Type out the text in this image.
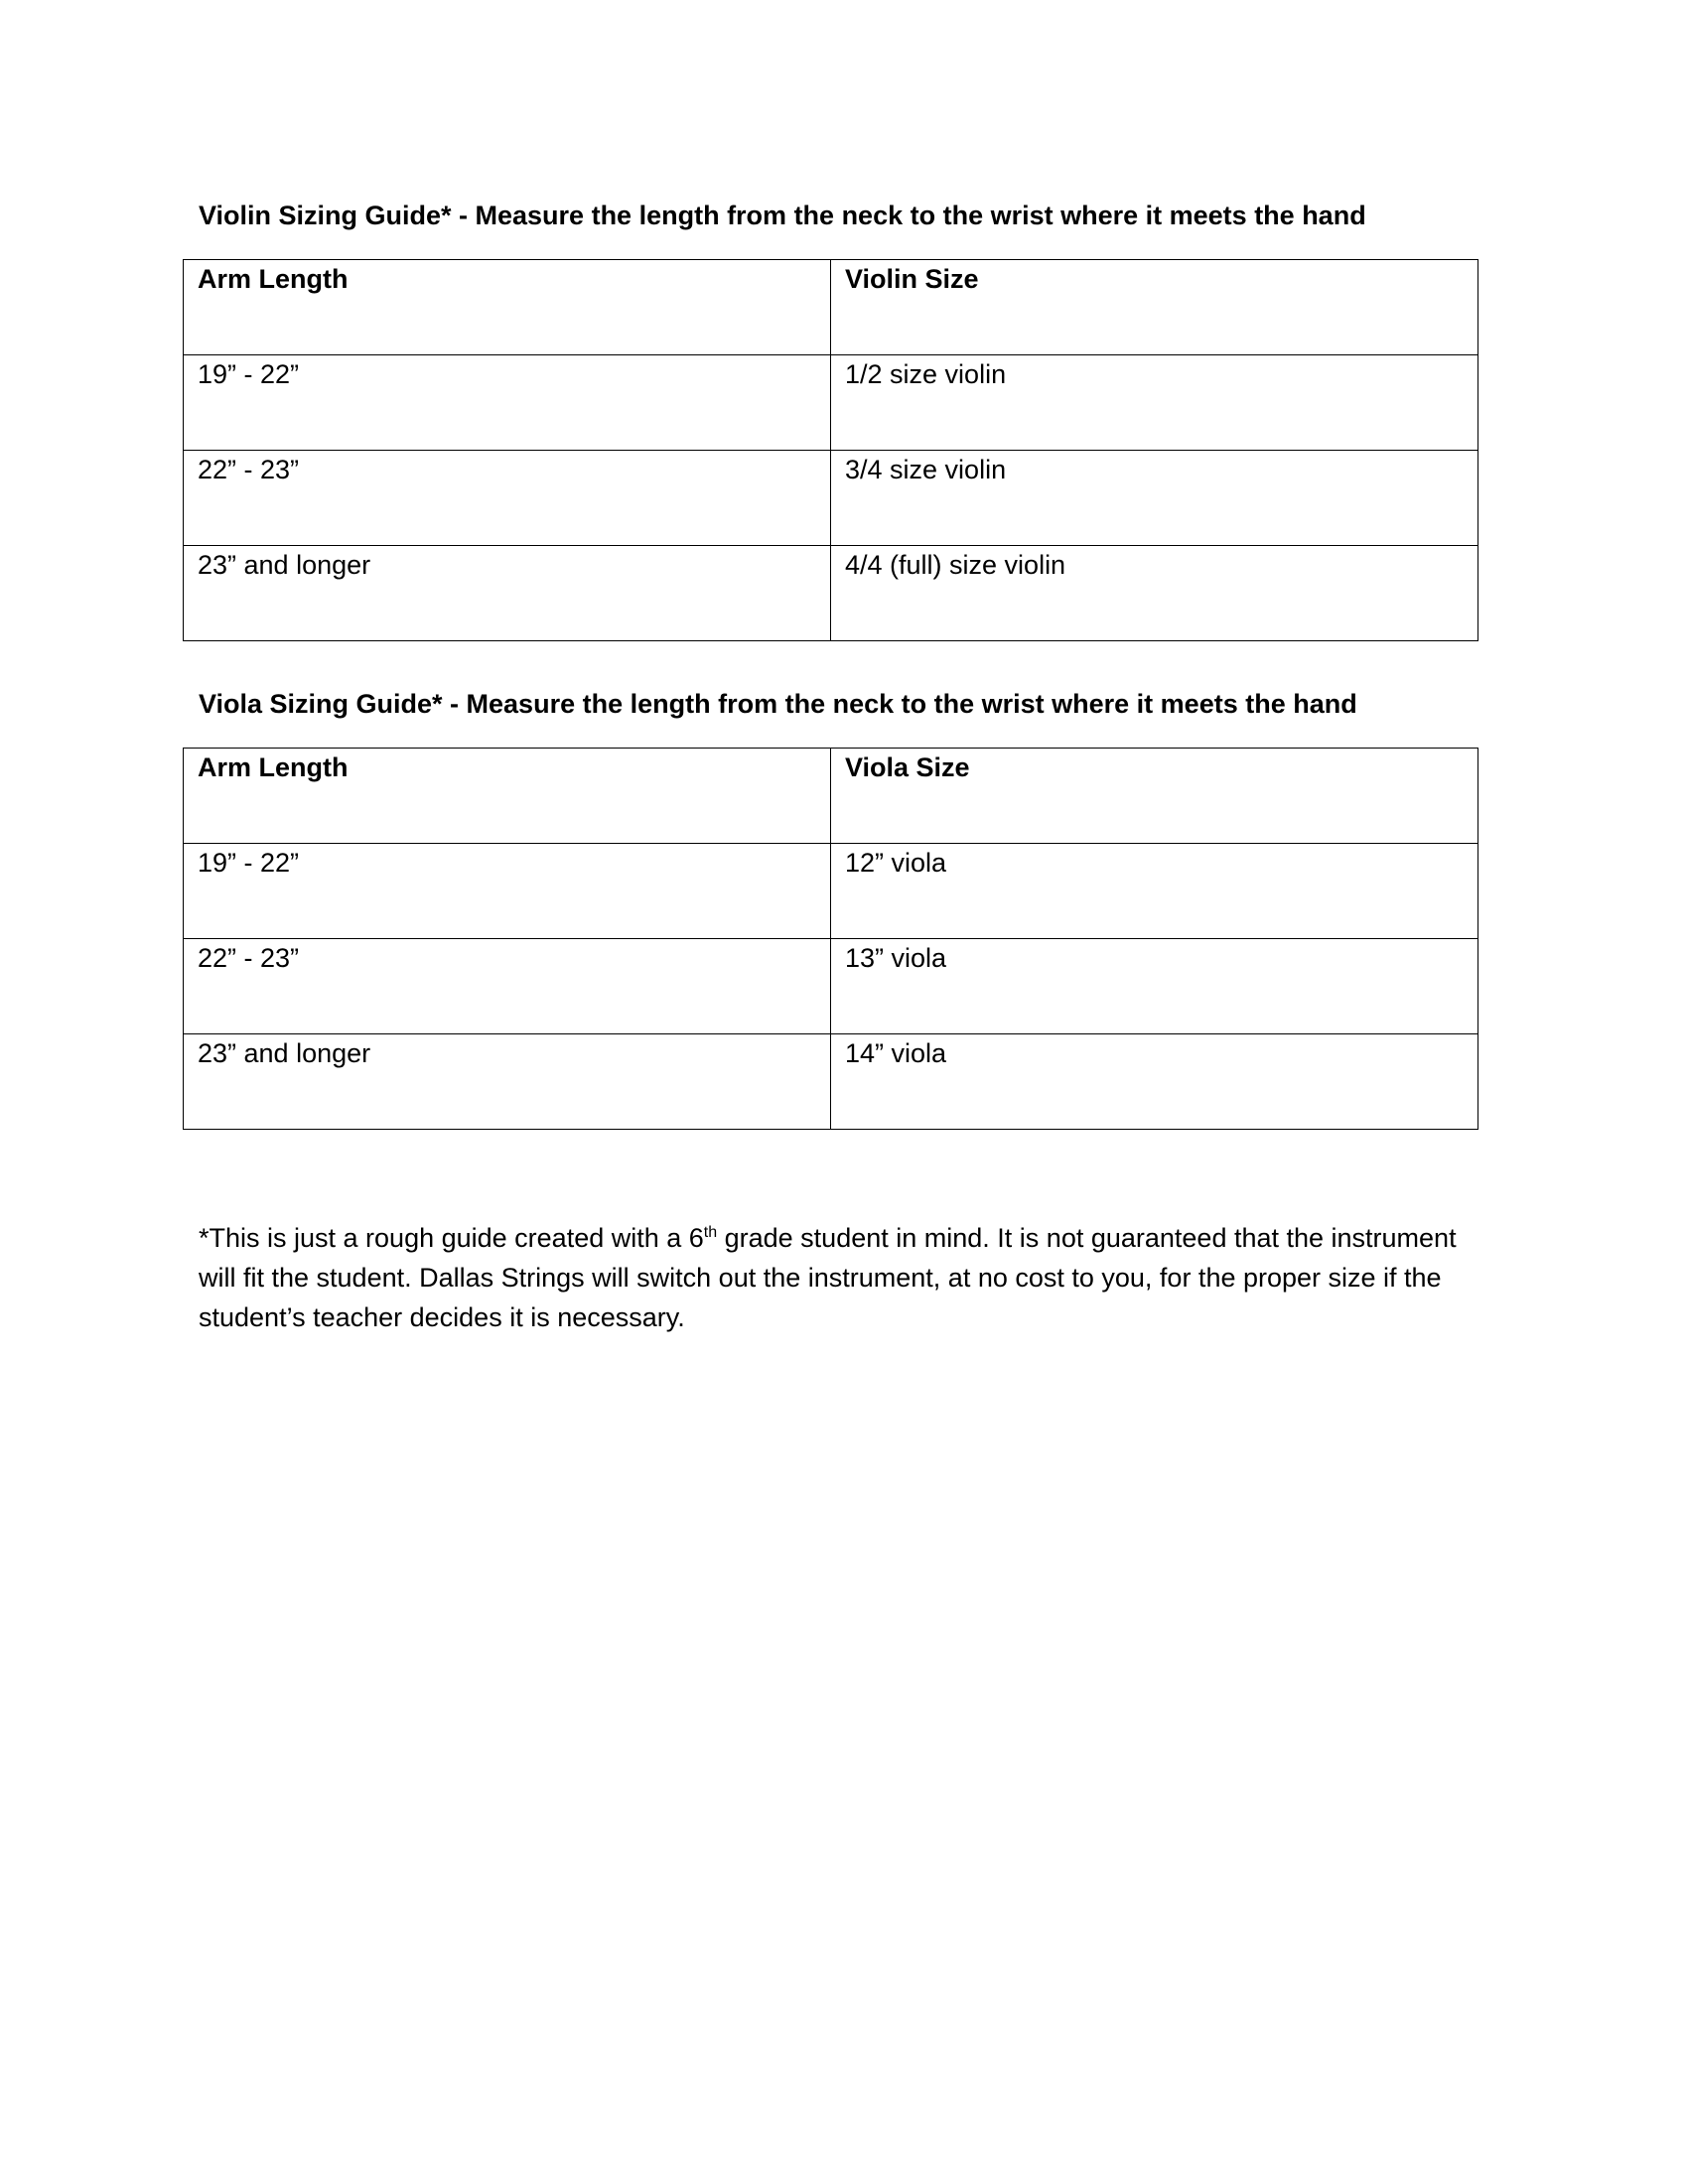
Violin Sizing Guide* - Measure the length from the neck to the wrist where it meets the hand
Arm Length	Violin Size

19” - 22”	1/2 size violin

22” - 23”	3/4 size violin

23” and longer	4/4 (full) size violin
Viola Sizing Guide* - Measure the length from the neck to the wrist where it meets the hand
Arm Length	Viola Size

19” - 22”	12” viola

22” - 23”	13” viola

23” and longer	14” viola

*This is just a rough guide created with a 6th grade student in mind. It is not guaranteed that the instrument will fit the student. Dallas Strings will switch out the instrument, at no cost to you, for the proper size if the student’s teacher decides it is necessary.
